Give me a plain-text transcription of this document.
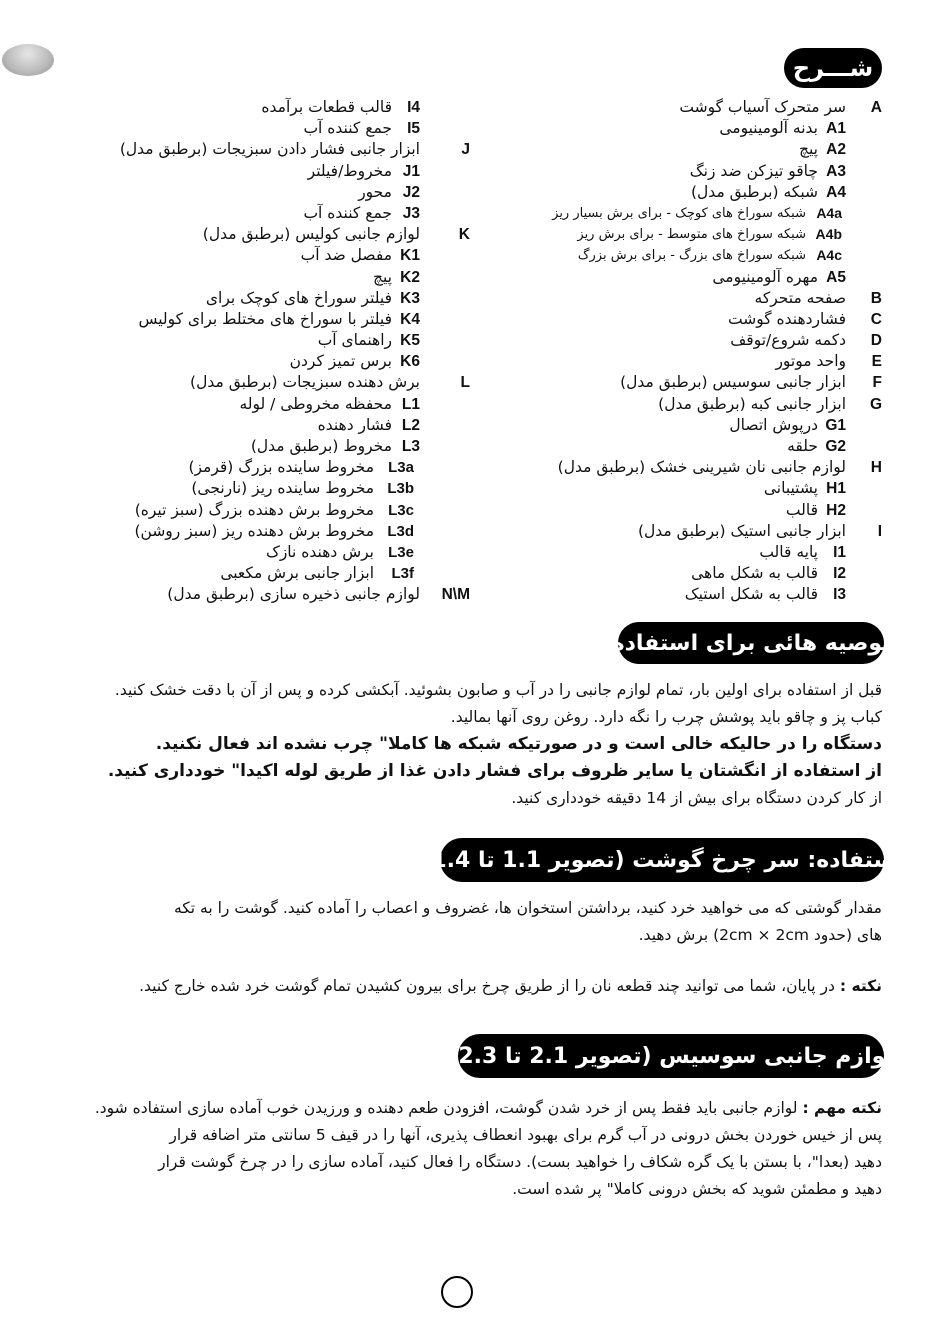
شـــرح
A
سر متحرک آسیاب گوشت
A1
بدنه آلومینیومی
A2
پیچ
A3
چاقو تیزکن ضد زنگ
A4
شبکه (برطبق مدل)
A4a
شبکه سوراخ های کوچک - برای برش بسیار ریز
A4b
شبکه سوراخ های متوسط - برای برش ریز
A4c
شبکه سوراخ های بزرگ - برای برش بزرگ
A5
مهره آلومینیومی
B
صفحه متحرکه
C
فشاردهنده گوشت
D
دکمه شروع/توقف
E
واحد موتور
F
ابزار جانبی سوسیس (برطبق مدل)
G
ابزار جانبی کبه (برطبق مدل)
G1
درپوش اتصال
G2
حلقه
H
لوازم جانبی نان شیرینی خشک (برطبق مدل)
H1
پشتیبانی
H2
قالب
I
ابزار جانبی استیک (برطبق مدل)
I1
پایه قالب
I2
قالب به شکل ماهی
I3
قالب به شکل استیک
I4
قالب قطعات برآمده
I5
جمع کننده آب
J
ابزار جانبی فشار دادن سبزیجات (برطبق مدل)
J1
مخروط/فیلتر
J2
محور
J3
جمع کننده آب
K
لوازم جانبی کولیس (برطبق مدل)
K1
مفصل ضد آب
K2
پیچ
K3
فیلتر سوراخ های کوچک برای
K4
فیلتر با سوراخ های مختلط برای کولیس
K5
راهنمای آب
K6
برس تمیز کردن
L
برش دهنده سبزیجات (برطبق مدل)
L1
محفظه مخروطی / لوله
L2
فشار دهنده
L3
مخروط (برطبق مدل)
L3a
مخروط ساینده بزرگ (قرمز)
L3b
مخروط ساینده ریز (نارنجی)
L3c
مخروط برش دهنده بزرگ (سبز تیره)
L3d
مخروط برش دهنده ریز (سبز روشن)
L3e
برش دهنده نازک
L3f
ابزار جانبی برش مکعبی
N\M
لوازم جانبی ذخیره سازی (برطبق مدل)
توصیه هائی برای استفاده
قبل از استفاده برای اولین بار، تمام لوازم جانبی را در آب و صابون بشوئید. آبکشی کرده و پس از آن با دقت خشک کنید.
کباب پز و چاقو باید پوشش چرب را نگه دارد. روغن روی آنها بمالید.
دستگاه را در حالیکه خالی است و در صورتیکه شبکه ها کاملا" چرب نشده اند فعال نکنید.
از استفاده از انگشتان یا سایر ظروف برای فشار دادن غذا از طریق لوله اکیدا" خودداری کنید.
از کار کردن دستگاه برای بیش از 14 دقیقه خودداری کنید.
استفاده: سر چرخ گوشت (تصویر 1.1 تا 1.4)
مقدار گوشتی که می خواهید خرد کنید، برداشتن استخوان ها، غضروف و اعصاب را آماده کنید. گوشت را به تکه
های (حدود 2cm × 2cm) برش دهید.
نکته : در پایان، شما می توانید چند قطعه نان را از طریق چرخ برای بیرون کشیدن تمام گوشت خرد شده خارج کنید.
لوازم جانبی سوسیس (تصویر 2.1 تا 2.3)
نکته مهم : لوازم جانبی باید فقط پس از خرد شدن گوشت، افزودن طعم دهنده و ورزیدن خوب آماده سازی استفاده شود.
پس از خیس خوردن بخش درونی در آب گرم برای بهبود انعطاف پذیری، آنها را در قیف 5 سانتی متر اضافه قرار
دهید (بعدا"، با بستن با یک گره شکاف را خواهید بست). دستگاه را فعال کنید، آماده سازی را در چرخ گوشت قرار
دهید و مطمئن شوید که بخش درونی کاملا" پر شده است.
